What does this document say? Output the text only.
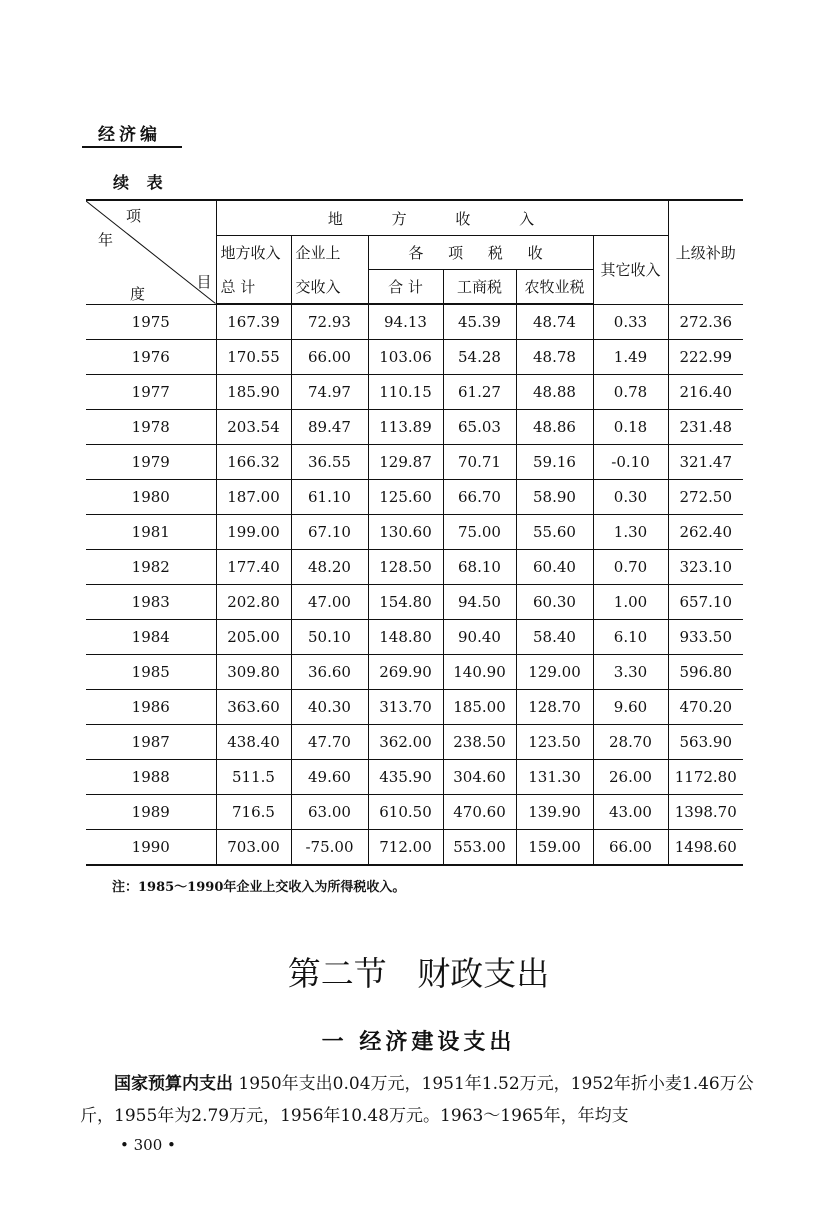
经济编
续 表
项
年
目
度	地 方 收 入						上级补助
	地方收入	企业上	各 项 税 收			其它收入	
	总 计	交收入	合 计	工商税	农牧业税		
1975	167.39	72.93	94.13	45.39	48.74	0.33	272.36
1976	170.55	66.00	103.06	54.28	48.78	1.49	222.99
1977	185.90	74.97	110.15	61.27	48.88	0.78	216.40
1978	203.54	89.47	113.89	65.03	48.86	0.18	231.48
1979	166.32	36.55	129.87	70.71	59.16	-0.10	321.47
1980	187.00	61.10	125.60	66.70	58.90	0.30	272.50
1981	199.00	67.10	130.60	75.00	55.60	1.30	262.40
1982	177.40	48.20	128.50	68.10	60.40	0.70	323.10
1983	202.80	47.00	154.80	94.50	60.30	1.00	657.10
1984	205.00	50.10	148.80	90.40	58.40	6.10	933.50
1985	309.80	36.60	269.90	140.90	129.00	3.30	596.80
1986	363.60	40.30	313.70	185.00	128.70	9.60	470.20
1987	438.40	47.70	362.00	238.50	123.50	28.70	563.90
1988	511.5	49.60	435.90	304.60	131.30	26.00	1172.80
1989	716.5	63.00	610.50	470.60	139.90	43.00	1398.70
1990	703.00	-75.00	712.00	553.00	159.00	66.00	1498.60
注：1985～1990年企业上交收入为所得税收入。
第二节 财政支出
一 经济建设支出
国家预算内支出 1950年支出0.04万元，1951年1.52万元，1952年折小麦1.46万公斤，1955年为2.79万元，1956年10.48万元。1963～1965年，年均支
• 300 •
